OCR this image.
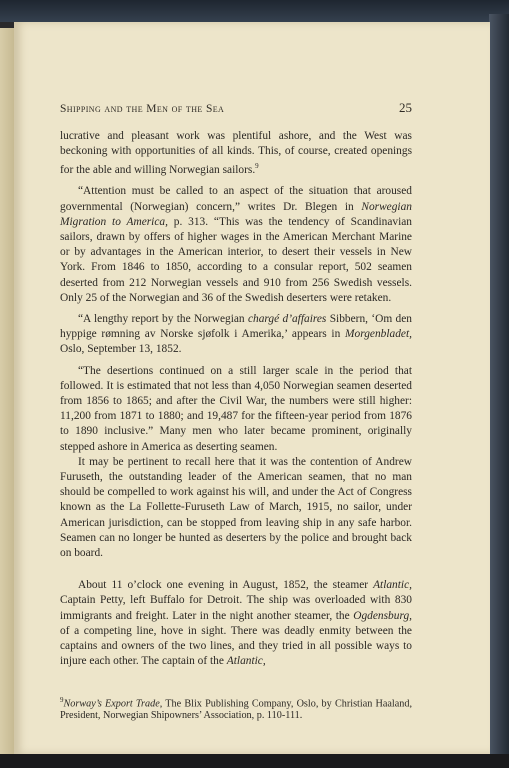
Shipping and the Men of the Sea	25

lucrative and pleasant work was plentiful ashore, and the West was beckoning with opportunities of all kinds. This, of course, created openings for the able and willing Norwegian sailors.$^9$

“Attention must be called to an aspect of the situation that aroused governmental (Norwegian) concern,” writes Dr. Blegen in Norwegian Migration to America, p. 313. “This was the tendency of Scandinavian sailors, drawn by offers of higher wages in the American Merchant Marine or by advantages in the American interior, to desert their vessels in New York. From 1846 to 1850, according to a consular report, 502 seamen deserted from 212 Norwegian vessels and 910 from 256 Swedish vessels. Only 25 of the Norwegian and 36 of the Swedish deserters were retaken.

“A lengthy report by the Norwegian chargé d’affaires Sibbern, ‘Om den hyppige rømning av Norske sjøfolk i Amerika,’ appears in Morgenbladet, Oslo, September 13, 1852.

“The desertions continued on a still larger scale in the period that followed. It is estimated that not less than 4,050 Norwegian seamen deserted from 1856 to 1865; and after the Civil War, the numbers were still higher: 11,200 from 1871 to 1880; and 19,487 for the fifteen-year period from 1876 to 1890 inclusive.” Many men who later became prominent, originally stepped ashore in America as deserting seamen.

It may be pertinent to recall here that it was the contention of Andrew Furuseth, the outstanding leader of the American seamen, that no man should be compelled to work against his will, and under the Act of Congress known as the La Follette-Furuseth Law of March, 1915, no sailor, under American jurisdiction, can be stopped from leaving ship in any safe harbor. Seamen can no longer be hunted as deserters by the police and brought back on board.

About 11 o’clock one evening in August, 1852, the steamer Atlantic, Captain Petty, left Buffalo for Detroit. The ship was overloaded with 830 immigrants and freight. Later in the night another steamer, the Ogdensburg, of a competing line, hove in sight. There was deadly enmity between the captains and owners of the two lines, and they tried in all possible ways to injure each other. The captain of the Atlantic,

$^9$Norway’s Export Trade, The Blix Publishing Company, Oslo, by Christian Haaland, President, Norwegian Shipowners’ Association, p. 110-111.
